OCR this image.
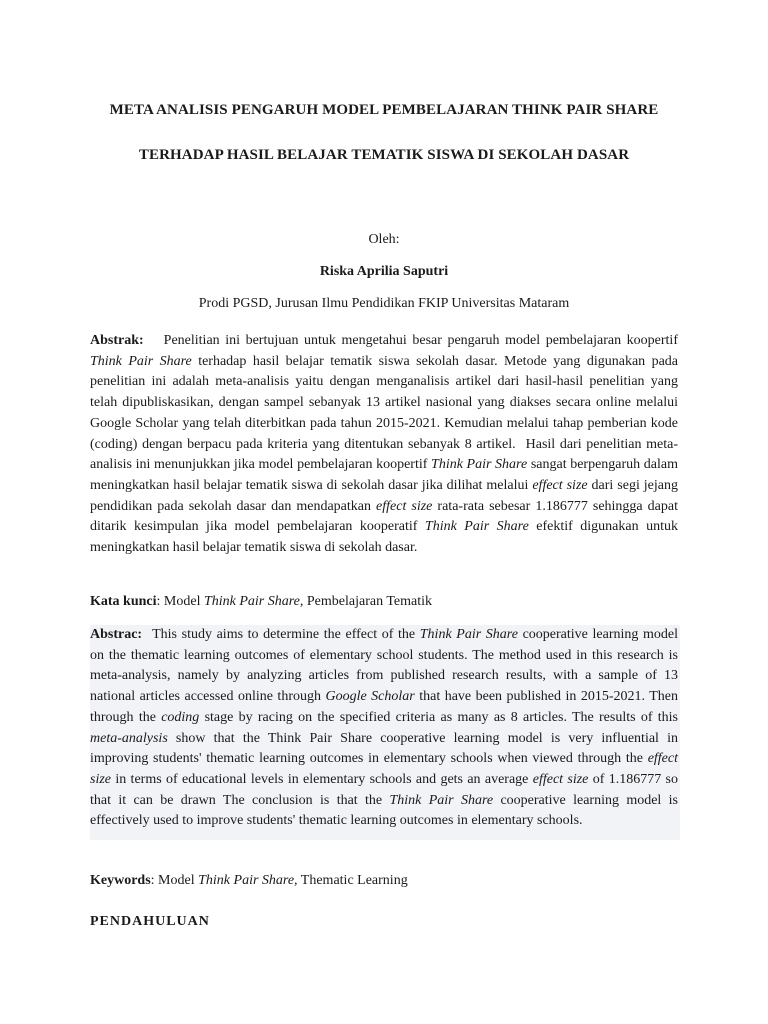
META ANALISIS PENGARUH MODEL PEMBELAJARAN THINK PAIR SHARE TERHADAP HASIL BELAJAR TEMATIK SISWA DI SEKOLAH DASAR
Oleh:
Riska Aprilia Saputri
Prodi PGSD, Jurusan Ilmu Pendidikan FKIP Universitas Mataram
Abstrak: Penelitian ini bertujuan untuk mengetahui besar pengaruh model pembelajaran koopertif Think Pair Share terhadap hasil belajar tematik siswa sekolah dasar. Metode yang digunakan pada penelitian ini adalah meta-analisis yaitu dengan menganalisis artikel dari hasil-hasil penelitian yang telah dipubliskasikan, dengan sampel sebanyak 13 artikel nasional yang diakses secara online melalui Google Scholar yang telah diterbitkan pada tahun 2015-2021. Kemudian melalui tahap pemberian kode (coding) dengan berpacu pada kriteria yang ditentukan sebanyak 8 artikel. Hasil dari penelitian meta-analisis ini menunjukkan jika model pembelajaran koopertif Think Pair Share sangat berpengaruh dalam meningkatkan hasil belajar tematik siswa di sekolah dasar jika dilihat melalui effect size dari segi jejang pendidikan pada sekolah dasar dan mendapatkan effect size rata-rata sebesar 1.186777 sehingga dapat ditarik kesimpulan jika model pembelajaran kooperatif Think Pair Share efektif digunakan untuk meningkatkan hasil belajar tematik siswa di sekolah dasar.
Kata kunci: Model Think Pair Share, Pembelajaran Tematik
Abstrac: This study aims to determine the effect of the Think Pair Share cooperative learning model on the thematic learning outcomes of elementary school students. The method used in this research is meta-analysis, namely by analyzing articles from published research results, with a sample of 13 national articles accessed online through Google Scholar that have been published in 2015-2021. Then through the coding stage by racing on the specified criteria as many as 8 articles. The results of this meta-analysis show that the Think Pair Share cooperative learning model is very influential in improving students' thematic learning outcomes in elementary schools when viewed through the effect size in terms of educational levels in elementary schools and gets an average effect size of 1.186777 so that it can be drawn The conclusion is that the Think Pair Share cooperative learning model is effectively used to improve students' thematic learning outcomes in elementary schools.
Keywords: Model Think Pair Share, Thematic Learning
PENDAHULUAN
